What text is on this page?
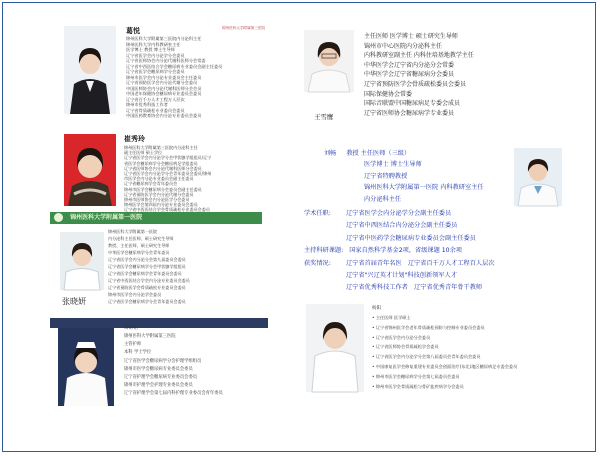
葛悦	锦州医科大学附属第三医院
锦州医科大学附属第三医院内分泌科主任
锦州医科大学内科教研室主任
医学博士 教授 博士生导师
辽宁省医学会内分泌学分会委员
辽宁省医师协会内分泌代谢科医师分会常委
辽宁省中西医结合学会糖尿病专业委员会副主任委员
辽宁省医学会糖尿病学分会委员
锦州市医学会内分泌专业委员会主任委员
辽宁省预防医学会内分泌代谢分会委员
中国医师协会内分泌代谢科医师分会会员
中国老年保健协会糖尿病专业委员会委员
辽宁省百千万人才工程万人层次
锦州市优秀科技工作者
辽宁省骨质疏松专业委员会委员
中国医药教育协会内分泌专业委员会委员	王雪鹰
主任医师 医学博士 硕士研究生导师
锦州市中心医院内分泌科主任
内科教研室副主任 内科住培基地教学主任
中华医学会辽宁省内分泌分会常委
中华医学会辽宁省糖尿病分会委员
辽宁省预防医学会骨质疏松委员会委员
国际保健协会常委
国际音联盟中国糖尿病足专委会成员
辽宁省医师协会糖尿病学专业委员
崔秀玲
锦州医科大学附属第三医院内分泌科主任
副主任医师 硕士学位
辽宁省医学会内分泌学分会甲状腺学组组员/辽宁
省医学会糖尿病学分会糖尿病足学组委员
辽宁省医师协会内分泌代谢科医师分会委员
辽宁省医学会内分泌学分会青年委员会委员/锦州
市医学会内分泌专业委员会副主任委员
辽宁省糖尿病学会青年委员会
锦州市医学会糖尿病分会委员会副主任委员
辽宁省预防医学会内分泌代谢分会委员
锦州市医师协会内分泌医学分会委员
锦州医学会第四届内分泌专业委员会委员
辽宁省中西医结合学会骨质疏松专业委员会委员
刘畅 教授 主任医师（三级）
医学博士 博士生导师
辽宁省特聘教授
锦州医科大学附属第一医院 内科教研室主任
内分泌科主任
学术任职: 辽宁省医学会内分泌学分会副主任委员
辽宁省中西医结合内分泌分会副主任委员
辽宁省中医药学会糖尿病专业委员会副主任委员
主持科研课题: 国家自然科学基金2项，省级课题 10余项
获奖情况: 辽宁省首届青年名医　辽宁省百千万人才工程百人层次
辽宁省"兴辽英才计划"科技创新领军人才
辽宁省优秀科技工作者　辽宁省优秀青年骨干教师
锦州医科大学附属第一医院
张晓妍
锦州医科大学附属第一医院
内分泌科主任医师、硕士研究生导师
教授、主任医师、硕士研究生导师
中华医学会糖尿病学分会青年委员
辽宁省医学会内分泌分会第九届委员会委员
辽宁省医学会糖尿病学分会甲状腺学组组员
辽宁省医学会糖尿病学会青年委员会委员
辽宁省中西医结合学会内分泌专业委员会委员
辽宁省预防医学会骨质疏松专业委员会委员
锦州市医学会内分泌学会委员
辽宁省医学会糖尿病学分会青年委员会委员
周彩铭
锦州医科大学附属第三医院
主管护师
本科 学士学位
辽宁省医学会糖尿病学分会护理学组组员
锦州市医学会糖尿病专业委员会委员
辽宁省护理学会糖尿病专业委员会委员
锦州市护理学会护理专业委员会委员
辽宁省护理学会第七届内科护理专业委员会青年委员
杨阳
• 主任医师 医学硕士
• 辽宁省锦州医学会老年骨质疏松预防与控制专业委员会委员
• 辽宁省医学会内分泌分会委员
• 辽宁省医师协会骨质疏松学会委员
• 辽宁省医学会内分泌学分会第八届委员会青年委员会委员
• 中国康复医学会修复重建专业委员会创面治疗(东北)地区糖尿病足专委会委员
• 锦州市医学会糖尿病学分会第七届委员会委员
• 锦州市医学会骨质疏松与骨矿盐疾病学分会委员
